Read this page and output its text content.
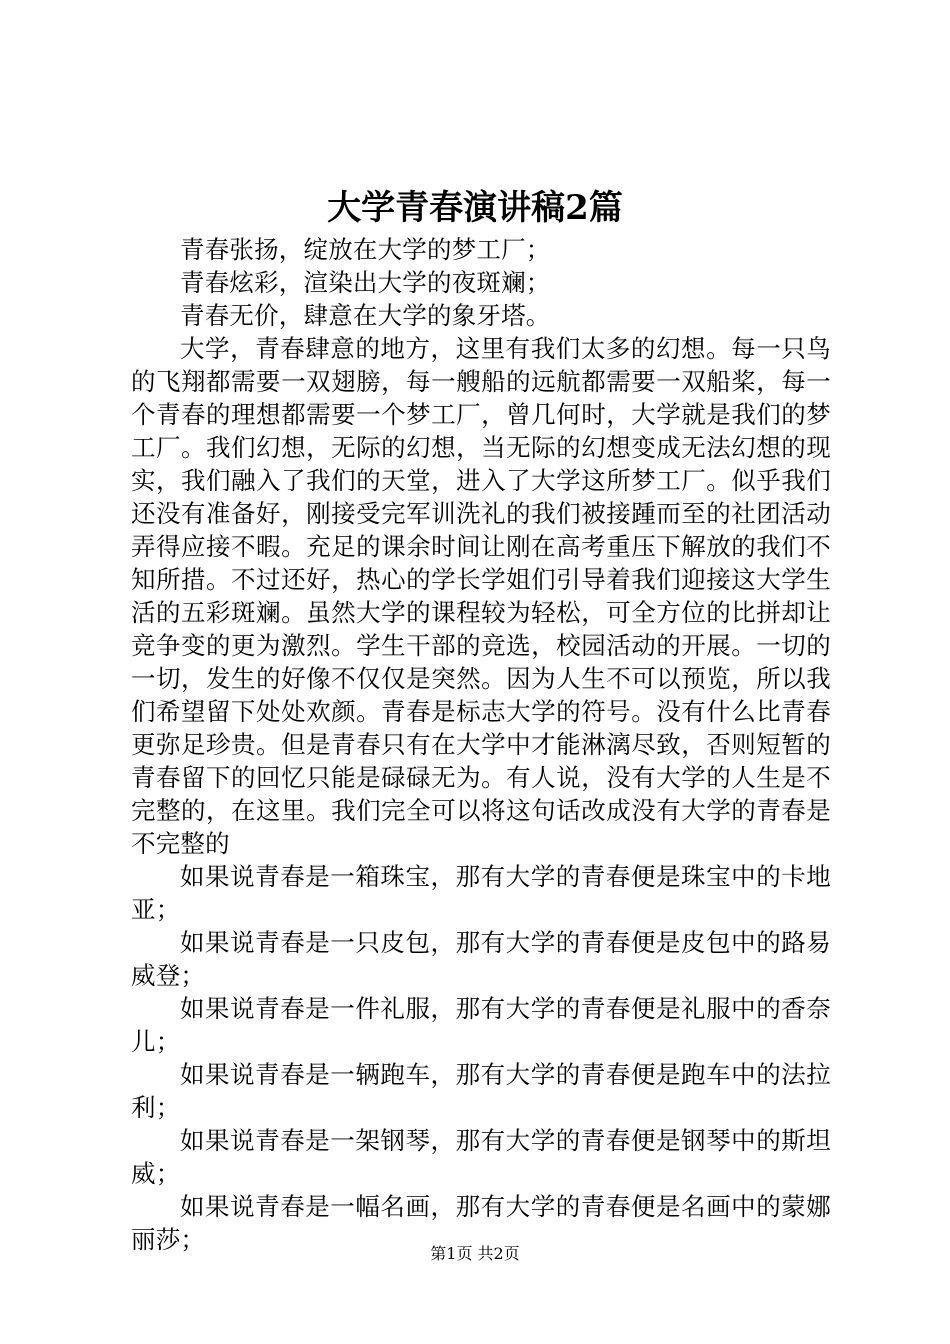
大学青春演讲稿2篇

青春张扬，绽放在大学的梦工厂；

青春炫彩，渲染出大学的夜斑斓；

青春无价，肆意在大学的象牙塔。

大学，青春肆意的地方，这里有我们太多的幻想。每一只鸟的飞翔都需要一双翅膀，每一艘船的远航都需要一双船桨，每一个青春的理想都需要一个梦工厂，曾几何时，大学就是我们的梦工厂。我们幻想，无际的幻想，当无际的幻想变成无法幻想的现实，我们融入了我们的天堂，进入了大学这所梦工厂。似乎我们还没有准备好，刚接受完军训洗礼的我们被接踵而至的社团活动弄得应接不暇。充足的课余时间让刚在高考重压下解放的我们不知所措。不过还好，热心的学长学姐们引导着我们迎接这大学生活的五彩斑斓。虽然大学的课程较为轻松，可全方位的比拼却让竞争变的更为激烈。学生干部的竞选，校园活动的开展。一切的一切，发生的好像不仅仅是突然。因为人生不可以预览，所以我们希望留下处处欢颜。青春是标志大学的符号。没有什么比青春更弥足珍贵。但是青春只有在大学中才能淋漓尽致，否则短暂的青春留下的回忆只能是碌碌无为。有人说，没有大学的人生是不完整的，在这里。我们完全可以将这句话改成没有大学的青春是不完整的

如果说青春是一箱珠宝，那有大学的青春便是珠宝中的卡地亚；

如果说青春是一只皮包，那有大学的青春便是皮包中的路易威登；

如果说青春是一件礼服，那有大学的青春便是礼服中的香奈儿；

如果说青春是一辆跑车，那有大学的青春便是跑车中的法拉利；

如果说青春是一架钢琴，那有大学的青春便是钢琴中的斯坦威；

如果说青春是一幅名画，那有大学的青春便是名画中的蒙娜丽莎；	第1页 共2页
